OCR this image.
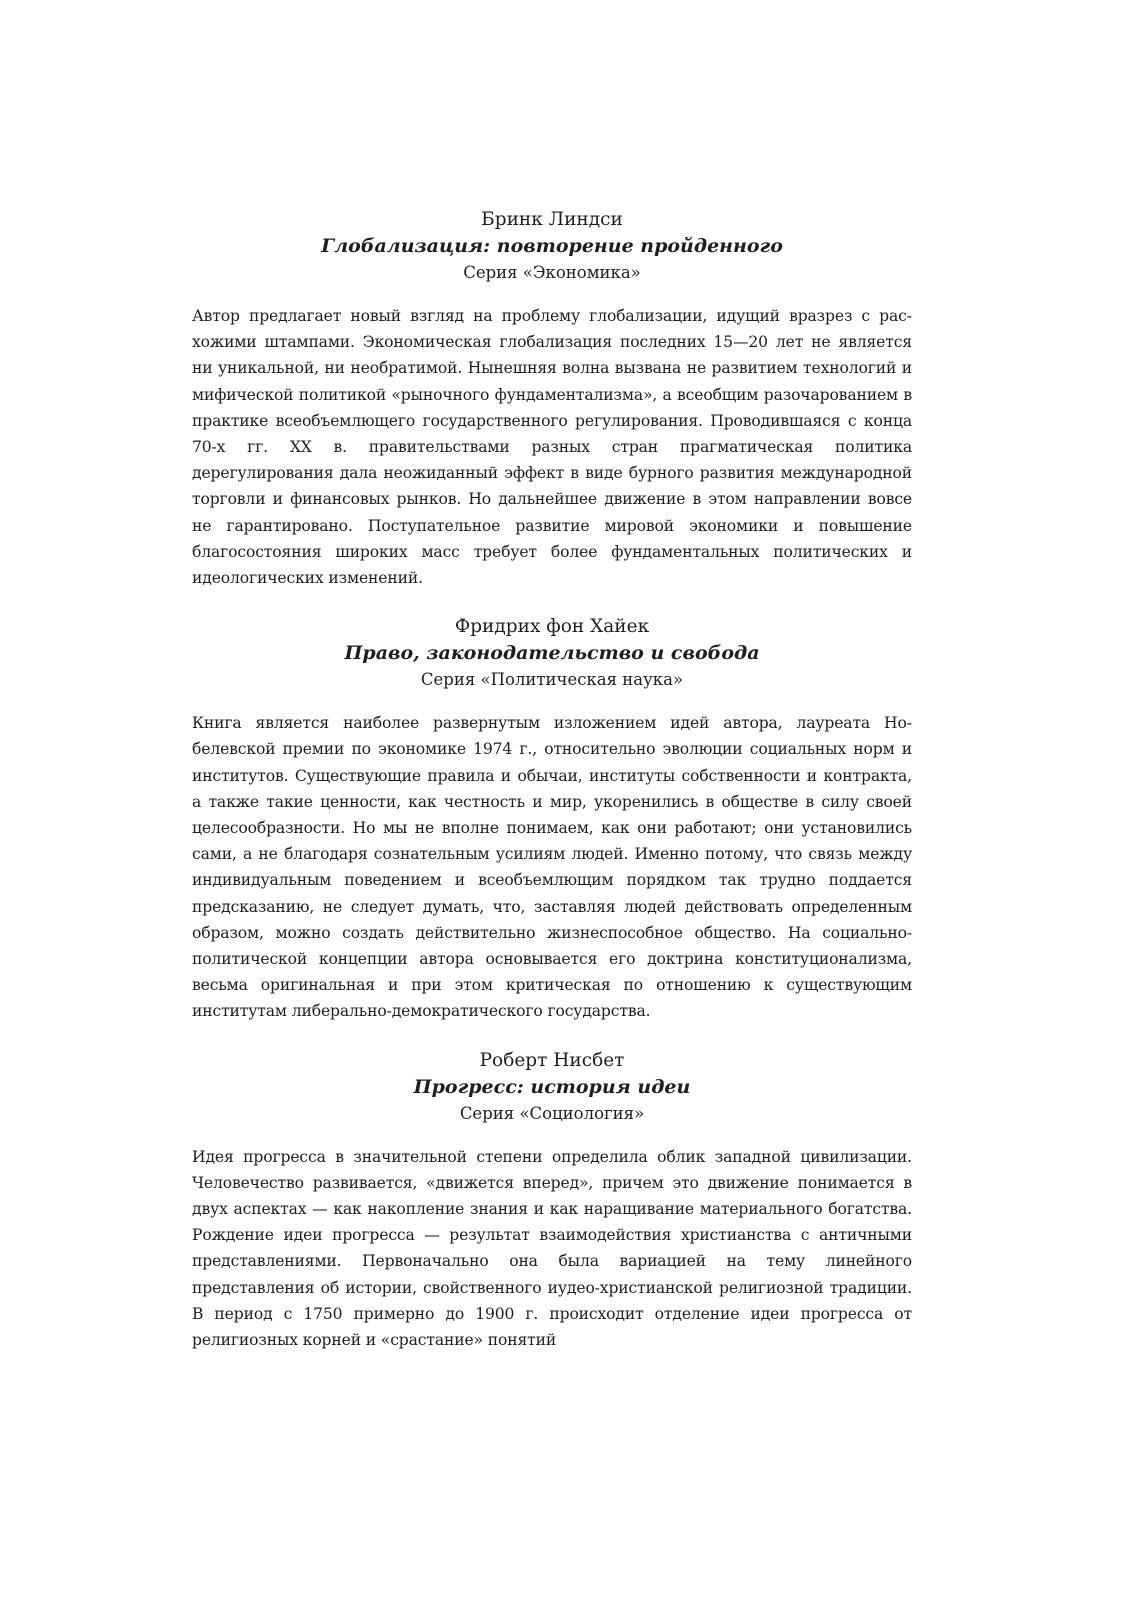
Бринк Линдси
Глобализация: повторение пройденного
Серия «Экономика»

Автор предлагает новый взгляд на проблему глобализации, идущий вразрез с расхожими штампами. Экономическая глобализация последних 15—20 лет не является ни уникальной, ни необратимой. Нынешняя волна вызвана не развитием технологий и мифической политикой «рыночного фундаментализма», а всеобщим разочарованием в практике всеобъемлющего государственного регулирования. Проводившаяся с конца 70-х гг. XX в. правительствами разных стран прагматическая политика дерегулирования дала неожиданный эффект в виде бурного развития международной торговли и финансовых рынков. Но дальнейшее движение в этом направлении вовсе не гарантировано. Поступательное развитие мировой экономики и повышение благосостояния широких масс требует более фундаментальных политических и идеологических изменений.

Фридрих фон Хайек
Право, законодательство и свобода
Серия «Политическая наука»

Книга является наиболее развернутым изложением идей автора, лауреата Нобелевской премии по экономике 1974 г., относительно эволюции социальных норм и институтов. Существующие правила и обычаи, институты собственности и контракта, а также такие ценности, как честность и мир, укоренились в обществе в силу своей целесообразности. Но мы не вполне понимаем, как они работают; они установились сами, а не благодаря сознательным усилиям людей. Именно потому, что связь между индивидуальным поведением и всеобъемлющим порядком так трудно поддается предсказанию, не следует думать, что, заставляя людей действовать определенным образом, можно создать действительно жизнеспособное общество. На социально-политической концепции автора основывается его доктрина конституционализма, весьма оригинальная и при этом критическая по отношению к существующим институтам либерально-демократического государства.

Роберт Нисбет
Прогресс: история идеи
Серия «Социология»

Идея прогресса в значительной степени определила облик западной цивилизации. Человечество развивается, «движется вперед», причем это движение понимается в двух аспектах — как накопление знания и как наращивание материального богатства. Рождение идеи прогресса — результат взаимодействия христианства с античными представлениями. Первоначально она была вариацией на тему линейного представления об истории, свойственного иудео-христианской религиозной традиции. В период с 1750 примерно до 1900 г. происходит отделение идеи прогресса от религиозных корней и «срастание» понятий
